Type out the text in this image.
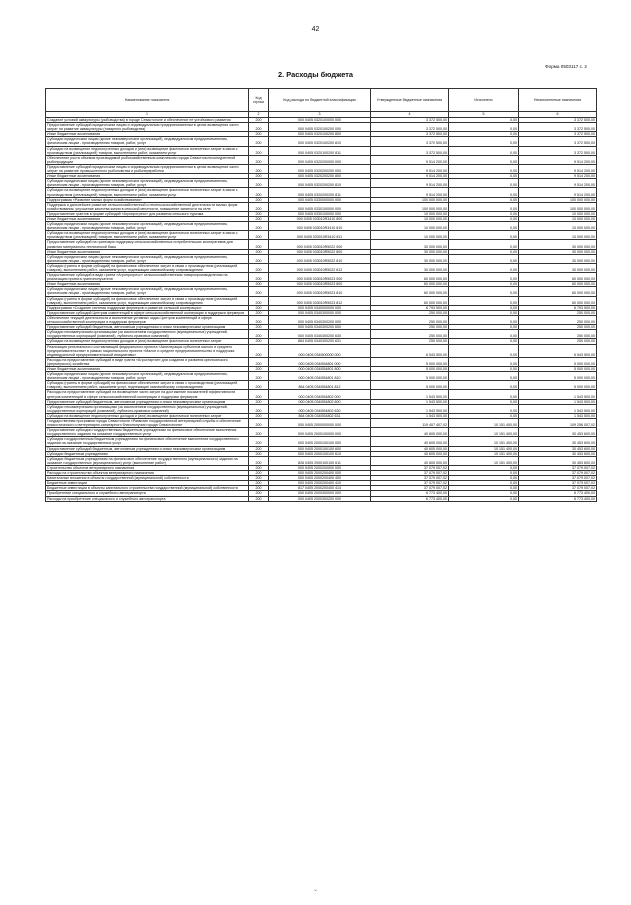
42
Форма 0503117 с. 2
2. Расходы бюджета
Наименование показателя	Код строки	Код расхода по бюджетной классификации	Утвержденные бюджетные назначения	Исполнено	Неисполненные назначения
1	2	3	4	5	6
Создание условий акваультуры (рыбоводства) в городе Севастополе и обеспечение ее устойчивого развития	200	000 0405 0320100000 000	3 372 500,00	0,00	3 372 500,00
Предоставление субсидий юридическим лицам и индивидуальным предпринимателям в целях возмещения части затрат на развитие аквакультуры (товарного рыбоводства)	200	000 0405 0320100200 000	3 372 500,00	0,00	3 372 500,00
Иные бюджетные ассигнования	200	000 0405 0320100200 800	3 372 500,00	0,00	3 372 500,00
Субсидии юридическим лицам (кроме некоммерческих организаций), индивидуальным предпринимателям, физическим лицам - производителям товаров, работ, услуг	200	000 0405 0320100200 810	3 372 500,00	0,00	3 372 500,00
Субсидии на возмещение недополученных доходов и (или) возмещение фактически понесенных затрат в связи с производством (реализацией) товаров, выполнением работ, оказанием услуг	200	000 0405 0320100200 811	3 372 500,00	0,00	3 372 500,00
Обеспечение роста объемов производимой рыбохозяйственным комплексом города Севастополя конкурентной рыбопродукции	200	000 0405 0320200000 000	9 514 200,00	0,00	9 514 200,00
Предоставление субсидий юридическим лицам и индивидуальным предпринимателям в целях возмещения части затрат на развитие промышленного рыболовства и рыбопереработки	200	000 0405 0320200200 000	9 514 200,00	0,00	9 514 200,00
Иные бюджетные ассигнования	200	000 0405 0320200200 800	9 514 200,00	0,00	9 514 200,00
Субсидии юридическим лицам (кроме некоммерческих организаций), индивидуальным предпринимателям, физическим лицам - производителям товаров, работ, услуг	200	000 0405 0320200200 810	9 514 200,00	0,00	9 514 200,00
Субсидии на возмещение недополученных доходов и (или) возмещение фактически понесенных затрат в связи с производством (реализацией) товаров, выполнением работ, оказанием услуг	200	000 0405 0320200200 811	9 514 200,00	0,00	9 514 200,00
Подпрограмма «Развитие малых форм хозяйствования»	200	000 0405 0330000000 000	100 000 000,00	0,00	100 000 000,00
Поддержка и дальнейшее развитие сельскохозяйственной и несельскохозяйственной деятельности малых форм хозяйствования, улучшение качества жизни в сельской местности, повышение занятости на селе	200	000 0405 0330100000 000	100 000 000,00	0,00	100 000 000,00
Предоставление грантов в форме субсидий «Агропрогресс» для развития сельского туризма	200	000 0405 0330100000 000	10 000 000,00	0,00	10 000 000,00
Иные бюджетные ассигнования	200	000 0405 033010R3410 800	10 000 000,00	0,00	10 000 000,00
Субсидии юридическим лицам (кроме некоммерческих организаций), индивидуальным предпринимателям, физическим лицам - производителям товаров, работ, услуг	200	000 0405 033010R3410 810	10 000 000,00	0,00	10 000 000,00
Субсидии на возмещение недополученных доходов и (или) возмещение фактически понесенных затрат в связи с производством (реализацией) товаров, выполнением работ, оказанием услуг	200	000 0405 033010R3410 811	10 000 000,00	0,00	10 000 000,00
Предоставление субсидий на грантовую поддержку сельскохозяйственных потребительских кооперативов для развития материально-технической базы	200	000 0405 033010R5022 000	30 000 000,00	0,00	30 000 000,00
Иные бюджетные ассигнования	200	000 0405 033010R5022 800	30 000 000,00	0,00	30 000 000,00
Субсидии юридическим лицам (кроме некоммерческих организаций), индивидуальным предпринимателям, физическим лицам - производителям товаров, работ, услуг	200	000 0405 033010R5022 810	30 000 000,00	0,00	30 000 000,00
Субсидии (гранты в форме субсидий) на финансовое обеспечение затрат в связи с производством (реализацией товаров), выполнением работ, оказанием услуг, подлежащие казначейскому сопровождению	200	000 0405 033010R5022 812	30 000 000,00	0,00	30 000 000,00
Предоставление субсидий в виде гранта «Агропрогресс» сельскохозяйственным товаропроизводителям на реализацию проекта грантополучателя	200	000 0405 033010R5023 000	60 000 000,00	0,00	60 000 000,00
Иные бюджетные ассигнования	200	000 0405 033010R5023 800	60 000 000,00	0,00	60 000 000,00
Субсидии юридическим лицам (кроме некоммерческих организаций), индивидуальным предпринимателям, физическим лицам - производителям товаров, работ, услуг	200	000 0405 033010R5023 810	60 000 000,00	0,00	60 000 000,00
Субсидии (гранты в форме субсидий) на финансовое обеспечение затрат в связи с производством (реализацией товаров), выполнением работ, оказанием услуг, подлежащие казначейскому сопровождению	200	000 0405 033010R5023 812	60 000 000,00	0,00	60 000 000,00
Подпрограмма «Создание системы поддержки фермеров и развитие сельской кооперации»	200	000 0405 0340000000 000	6 793 500,00	0,00	6 793 500,00
Предоставление субсидий Центрам компетенций в сфере сельскохозяйственной кооперации и поддержки фермеров	200	000 0405 0340300000 000	250 000,00	0,00	250 000,00
Обеспечение текущей деятельности и выполнение уставных задач Центров компетенций в сфере сельскохозяйственной кооперации и поддержки фермеров	200	000 0405 0340300200 000	250 000,00	0,00	250 000,00
Предоставление субсидий бюджетным, автономным учреждениям и иным некоммерческим организациям	200	000 0405 0340300200 600	250 000,00	0,00	250 000,00
Субсидии некоммерческим организациям (за исключением государственных (муниципальных) учреждений, государственных корпораций (компаний), публично-правовых компаний)	200	000 0405 0340300200 630	250 000,00	0,00	250 000,00
Субсидии на возмещение недополученных доходов и (или) возмещение фактически понесенных затрат	200	864 0405 0340300200 631	250 000,00	0,00	250 000,00
Реализация регионального составляющей федерального проекта «Акселерация субъектов малого и среднего предпринимательства» в рамках национального проекта «Малое и среднее предпринимательство и поддержка индивидуальной предпринимательской инициативы»	200	000 0405 034I500000 000	6 543 500,00	0,00	6 543 500,00
Расходы на предоставление субсидий в виде гранта «Агростартап» для создания и развития крестьянского (фермерского) хозяйства	200	000 0405 034I554801 000	5 000 000,00	0,00	5 000 000,00
Иные бюджетные ассигнования	200	000 0405 034I554801 800	5 000 000,00	0,00	5 000 000,00
Субсидии юридическим лицам (кроме некоммерческих организаций), индивидуальным предпринимателям, физическим лицам - производителям товаров, работ, услуг	200	000 0405 034I554801 810	5 000 000,00	0,00	5 000 000,00
Субсидии (гранты в форме субсидий) на финансовое обеспечение затрат в связи с производством (реализацией товаров), выполнением работ, оказанием услуг, подлежащие казначейскому сопровождению	200	864 0405 034I554801 812	5 000 000,00	0,00	5 000 000,00
Расходы на предоставление субсидий на возмещение части затрат на достижение показателей эффективности центров компетенций в сфере сельскохозяйственной кооперации и поддержки фермеров	200	000 0405 034I554802 000	1 543 500,00	0,00	1 543 500,00
Предоставление субсидий бюджетным, автономным учреждениям и иным некоммерческим организациям	200	000 0405 034I554802 600	1 543 500,00	0,00	1 543 500,00
Субсидии некоммерческим организациям (за исключением государственных (муниципальных) учреждений, государственных корпораций (компаний), публично-правовых компаний)	200	000 0405 034I554802 630	1 543 500,00	0,00	1 543 500,00
Субсидии на возмещение недополученных доходов и (или) возмещение фактически понесенных затрат	200	864 0405 034I554802 631	1 543 500,00	0,00	1 543 500,00
Государственная программа города Севастополя «Развитие государственной ветеринарной службы и обеспечение эпизоотического и ветеринарно-санитарного благополучия города Севастополя»	200	000 0405 2000000000 000	119 407 407,02	10 151 400,00	109 256 007,02
Предоставление субсидии государственным бюджетным учреждениям на финансовое обеспечение выполнения государственного задания на оказание государственных услуг	200	000 0405 2000100000 000	40 605 000,00	10 151 400,00	30 453 600,00
Субсидия государственным бюджетным учреждениям на финансовое обеспечение выполнения государственного задания на оказание государственных услуг	200	000 0405 2000100100 000	40 605 000,00	10 151 400,00	30 453 600,00
Предоставление субсидий бюджетным, автономным учреждениям и иным некоммерческим организациям	200	000 0405 2000100100 600	40 605 000,00	10 151 400,00	30 453 600,00
Субсидии бюджетным учреждениям	200	000 0405 2000100100 610	40 605 000,00	10 151 400,00	30 453 600,00
Субсидии бюджетным учреждениям на финансовое обеспечение государственного (муниципального) задания на оказание государственных (муниципальных) услуг (выполнение работ)	200	826 0405 2000100100 611	40 605 000,00	10 151 400,00	30 453 600,00
Строительство объектов ветеринарного назначения	200	000 0405 2000200000 000	37 079 007,02	0,00	37 079 007,02
Расходы на строительство объектов ветеринарного назначения	200	000 0405 2000200400 000	37 079 007,02	0,00	37 079 007,02
Капитальные вложения в объекты государственной (муниципальной) собственности	200	000 0405 2000200400 400	37 079 007,02	0,00	37 079 007,02
Бюджетные инвестиции	200	000 0405 2000200400 410	37 079 007,02	0,00	37 079 007,02
Бюджетные инвестиции в объекты капитального строительства государственной (муниципальной) собственности	200	817 0405 2000200400 414	37 079 007,02	0,00	37 079 007,02
Приобретение специального и служебного автотранспорта	200	000 0405 2000300000 000	6 773 400,00	0,00	6 773 400,00
Расходы на приобретение специального и служебного автотранспорта	200	000 0405 2000300200 000	6 773 400,00	0,00	6 773 400,00
⌄
